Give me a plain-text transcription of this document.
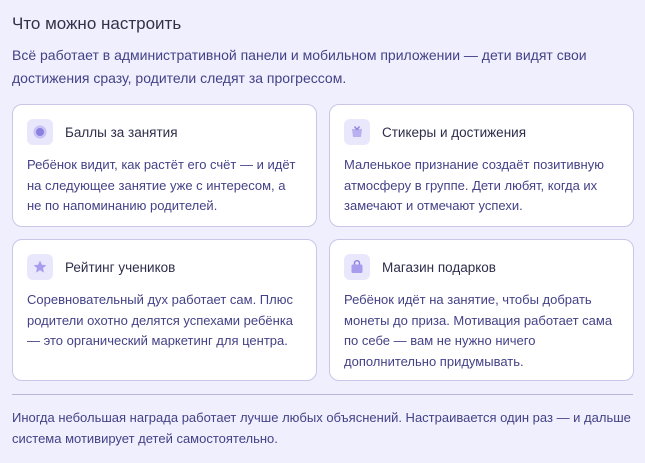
Что можно настроить
Всё работает в административной панели и мобильном приложении — дети видят свои достижения сразу, родители следят за прогрессом.
Баллы за занятия
Ребёнок видит, как растёт его счёт — и идёт на следующее занятие уже с интересом, а не по напоминанию родителей.
Стикеры и достижения
Маленькое признание создаёт позитивную атмосферу в группе. Дети любят, когда их замечают и отмечают успехи.
Рейтинг учеников
Соревновательный дух работает сам. Плюс родители охотно делятся успехами ребёнка — это органический маркетинг для центра.
Магазин подарков
Ребёнок идёт на занятие, чтобы добрать монеты до приза. Мотивация работает сама по себе — вам не нужно ничего дополнительно придумывать.
Иногда небольшая награда работает лучше любых объяснений. Настраивается один раз — и дальше система мотивирует детей самостоятельно.
